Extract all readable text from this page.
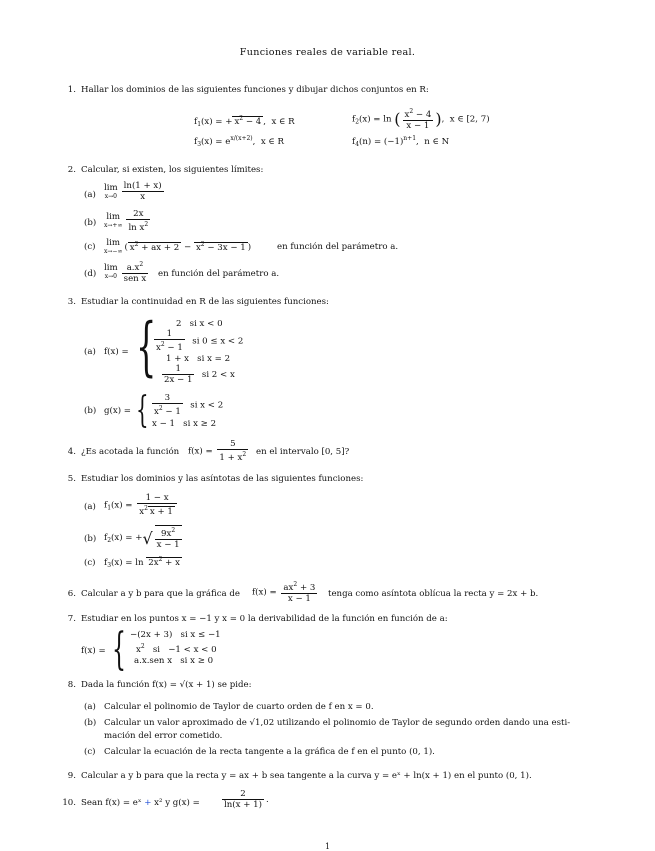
Funciones reales de variable real.
1. Hallar los dominios de las siguientes funciones y dibujar dichos conjuntos en R:
$f_1(x)$ = + $x^2 - 4$ ,  x ∈ R	$f_2(x) = \ln$ ( $\frac{x^2 - 4}{x - 1}$ ),  x ∈ [2, 7)
$f_3(x) = e^{x/(x+2)}$,  x ∈ R	$f_4(n) = (-1)^{n+1}$,  n ∈ N
2. Calcular, si existen, los siguientes límites:
(a)
lim
$x\to 0 \frac{\ln(1 + x)}{x}$
(b)
lim
$x\to+\infty \frac{2x}{\ln x^2}$
(c) lim
x→−∞ ( $x^2$ + ax + $2 - x^2 - 3x - 1$ )	en función del parámetro a.
(d)
lim
$x\to 0 \frac{a.x^2}{\text{sen x}}$ en función del parámetro a.
3. Estudiar la continuidad en R de las siguientes funciones:
(a) f(x) = { 2   si x < 0
$\frac{1}{x^2 - 1}$ si 0 ≤ x < 2
1 + x   si x = 2
$\frac{1}{2x - 1}$ si 2 < x
(b) g(x) = { $\frac{3}{x^2 - 1}$ si x < 2
x − 1   si x ≥ 2
4. ¿Es acotada la función $f(x) = \frac{5}{1 + x^2}$ en el intervalo [0, 5]?
5. Estudiar los dominios y las asíntotas de las siguientes funciones:
(a) $f_1(x) = \frac{1 - x}{x^2 x + 1}$
(b) $f_2(x)$ = +√ $\frac{9x^2}{x - 1}$
(c) $f_3(x) = \ln 2x^2 + x$
6. Calcular a y b para que la gráfica de $f(x) = \frac{ax^2 + 3}{x - 1}$ tenga como asíntota oblícua la recta y = 2x + b.
7. Estudiar en los puntos x = −1 y x = 0 la derivabilidad de la función en función de a:
f(x) = { −(2x + 3)   si x ≤ −1
$x^2$   si   −1 < x < 0
a.x.sen x   si x ≥ 0
8. Dada la función f(x) = √(x + 1) se pide:
(a) Calcular el polinomio de Taylor de cuarto orden de f en x = 0.
(b) Calcular un valor aproximado de √1,02 utilizando el polinomio de Taylor de segundo orden dando una esti-
mación del error cometido.
(c) Calcular la ecuación de la recta tangente a la gráfica de f en el punto (0, 1).
9. Calcular a y b para que la recta y = ax + b sea tangente a la curva y = eˣ + ln(x + 1) en el punto (0, 1).
10. Sean f(x) = eˣ + x² y g(x) =	$\frac{2}{\ln(x + 1)}$ .
1
